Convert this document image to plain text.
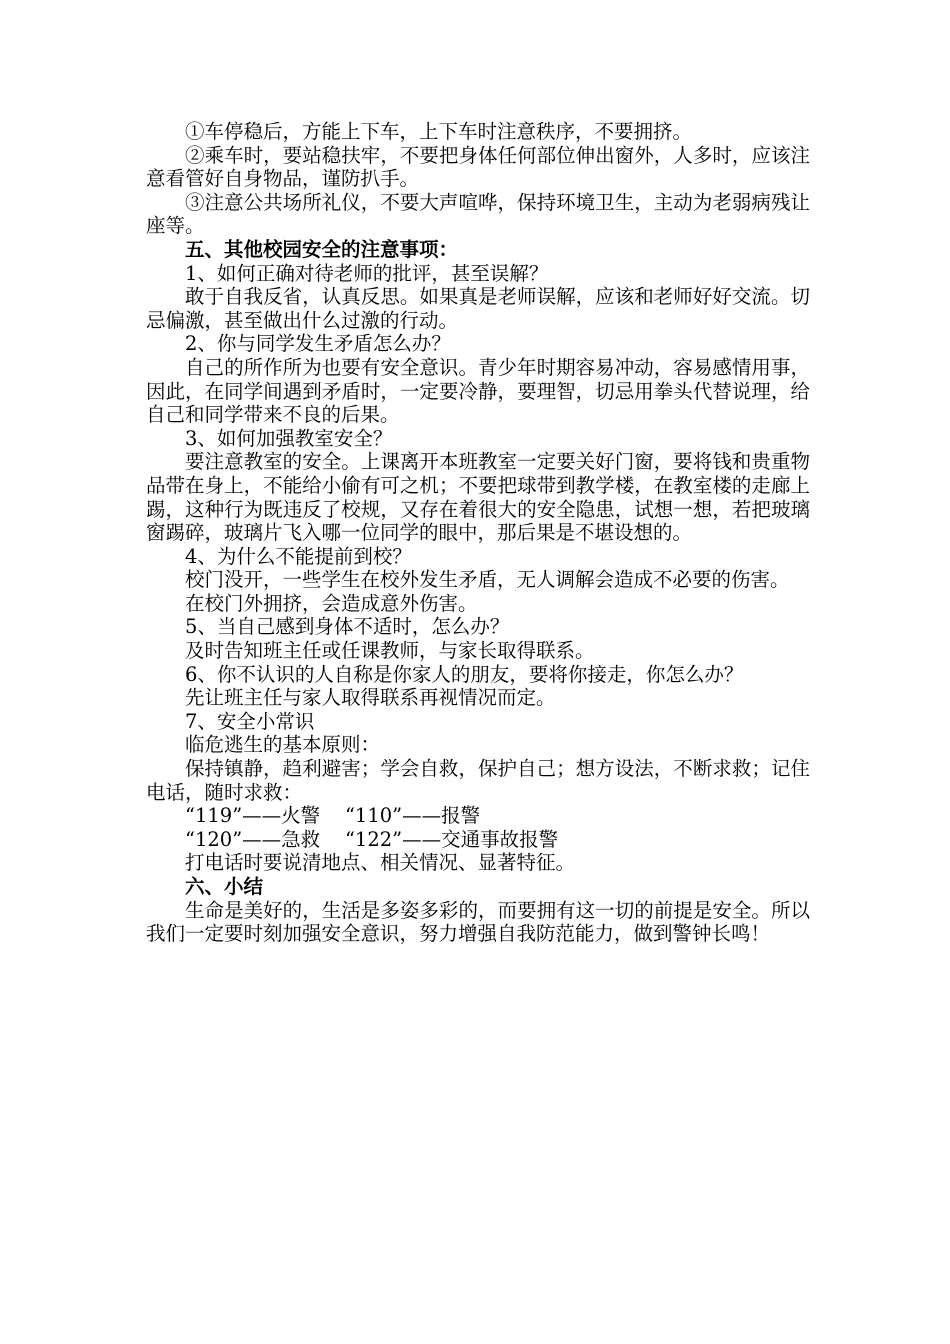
①车停稳后，方能上下车，上下车时注意秩序，不要拥挤。

②乘车时，要站稳扶牢，不要把身体任何部位伸出窗外，人多时，应该注意看管好自身物品，谨防扒手。

③注意公共场所礼仪，不要大声喧哗，保持环境卫生，主动为老弱病残让座等。

五、其他校园安全的注意事项：

1、如何正确对待老师的批评，甚至误解？

敢于自我反省，认真反思。如果真是老师误解，应该和老师好好交流。切忌偏激，甚至做出什么过激的行动。

2、你与同学发生矛盾怎么办？

自己的所作所为也要有安全意识。青少年时期容易冲动，容易感情用事，因此，在同学间遇到矛盾时，一定要冷静，要理智，切忌用拳头代替说理，给自己和同学带来不良的后果。

3、如何加强教室安全？

要注意教室的安全。上课离开本班教室一定要关好门窗，要将钱和贵重物品带在身上，不能给小偷有可之机；不要把球带到教学楼，在教室楼的走廊上踢，这种行为既违反了校规，又存在着很大的安全隐患，试想一想，若把玻璃窗踢碎，玻璃片飞入哪一位同学的眼中，那后果是不堪设想的。

4、为什么不能提前到校？

校门没开，一些学生在校外发生矛盾，无人调解会造成不必要的伤害。

在校门外拥挤，会造成意外伤害。

5、当自己感到身体不适时，怎么办？

及时告知班主任或任课教师，与家长取得联系。

6、你不认识的人自称是你家人的朋友，要将你接走，你怎么办？

先让班主任与家人取得联系再视情况而定。

7、安全小常识

临危逃生的基本原则：

保持镇静，趋利避害；学会自救，保护自己；想方设法，不断求救；记住电话，随时求救：

“119”——火警    “110”——报警

“120”——急救    “122”——交通事故报警

打电话时要说清地点、相关情况、显著特征。

六、小结

生命是美好的，生活是多姿多彩的，而要拥有这一切的前提是安全。所以我们一定要时刻加强安全意识，努力增强自我防范能力，做到警钟长鸣！
